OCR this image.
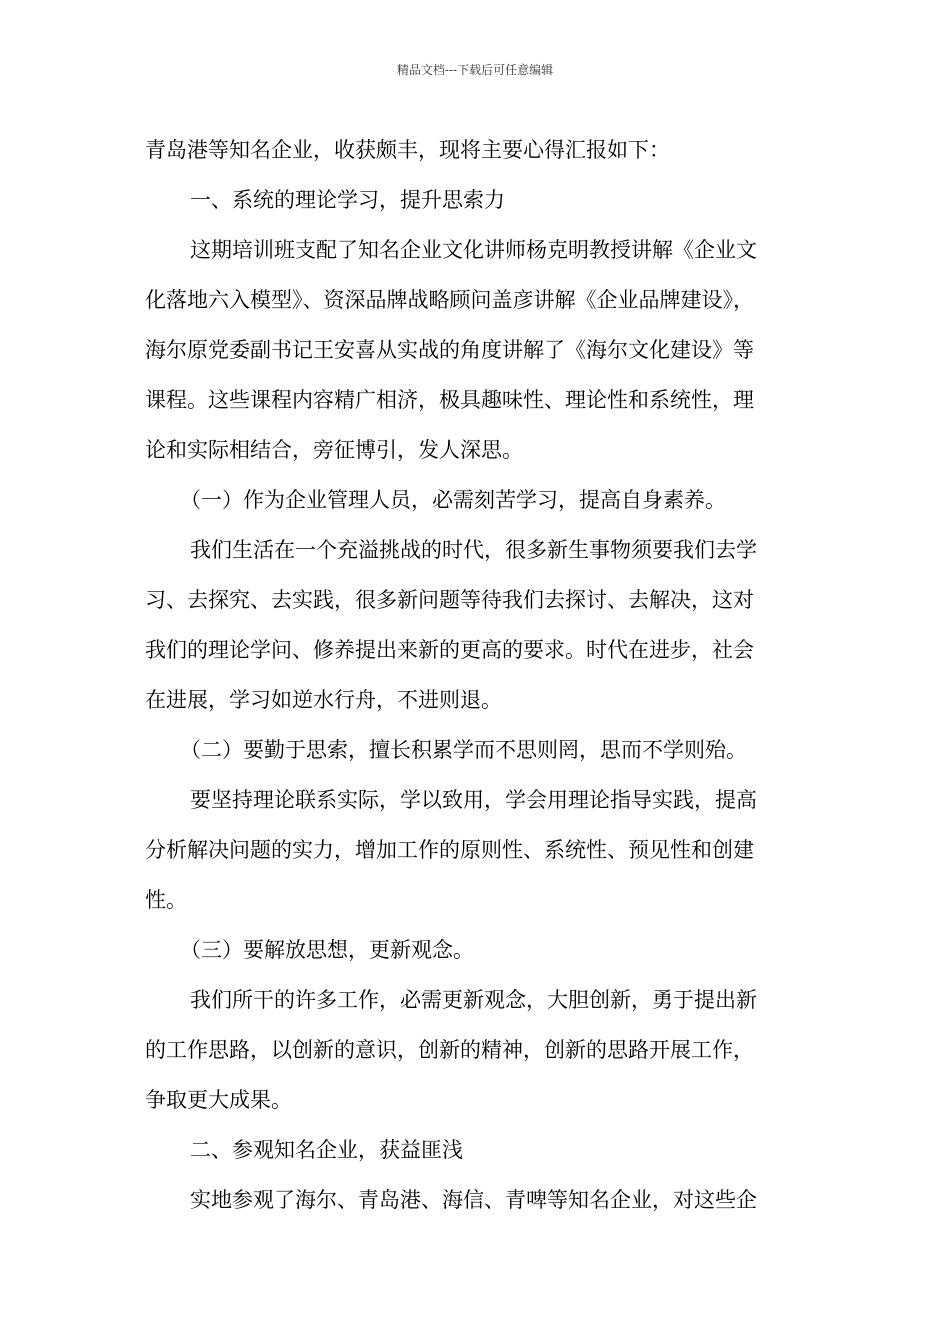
精品文档---下载后可任意编辑
青岛港等知名企业，收获颇丰，现将主要心得汇报如下：
一、系统的理论学习，提升思索力
这期培训班支配了知名企业文化讲师杨克明教授讲解《企业文
化落地六入模型》、资深品牌战略顾问盖彦讲解《企业品牌建设》，
海尔原党委副书记王安喜从实战的角度讲解了《海尔文化建设》等
课程。这些课程内容精广相济，极具趣味性、理论性和系统性，理
论和实际相结合，旁征博引，发人深思。
（一）作为企业管理人员，必需刻苦学习，提高自身素养。
我们生活在一个充溢挑战的时代，很多新生事物须要我们去学
习、去探究、去实践，很多新问题等待我们去探讨、去解决，这对
我们的理论学问、修养提出来新的更高的要求。时代在进步，社会
在进展，学习如逆水行舟，不进则退。
（二）要勤于思索，擅长积累学而不思则罔，思而不学则殆。
要坚持理论联系实际，学以致用，学会用理论指导实践，提高
分析解决问题的实力，增加工作的原则性、系统性、预见性和创建
性。
（三）要解放思想，更新观念。
我们所干的许多工作，必需更新观念，大胆创新，勇于提出新
的工作思路，以创新的意识，创新的精神，创新的思路开展工作，
争取更大成果。
二、参观知名企业，获益匪浅
实地参观了海尔、青岛港、海信、青啤等知名企业，对这些企
